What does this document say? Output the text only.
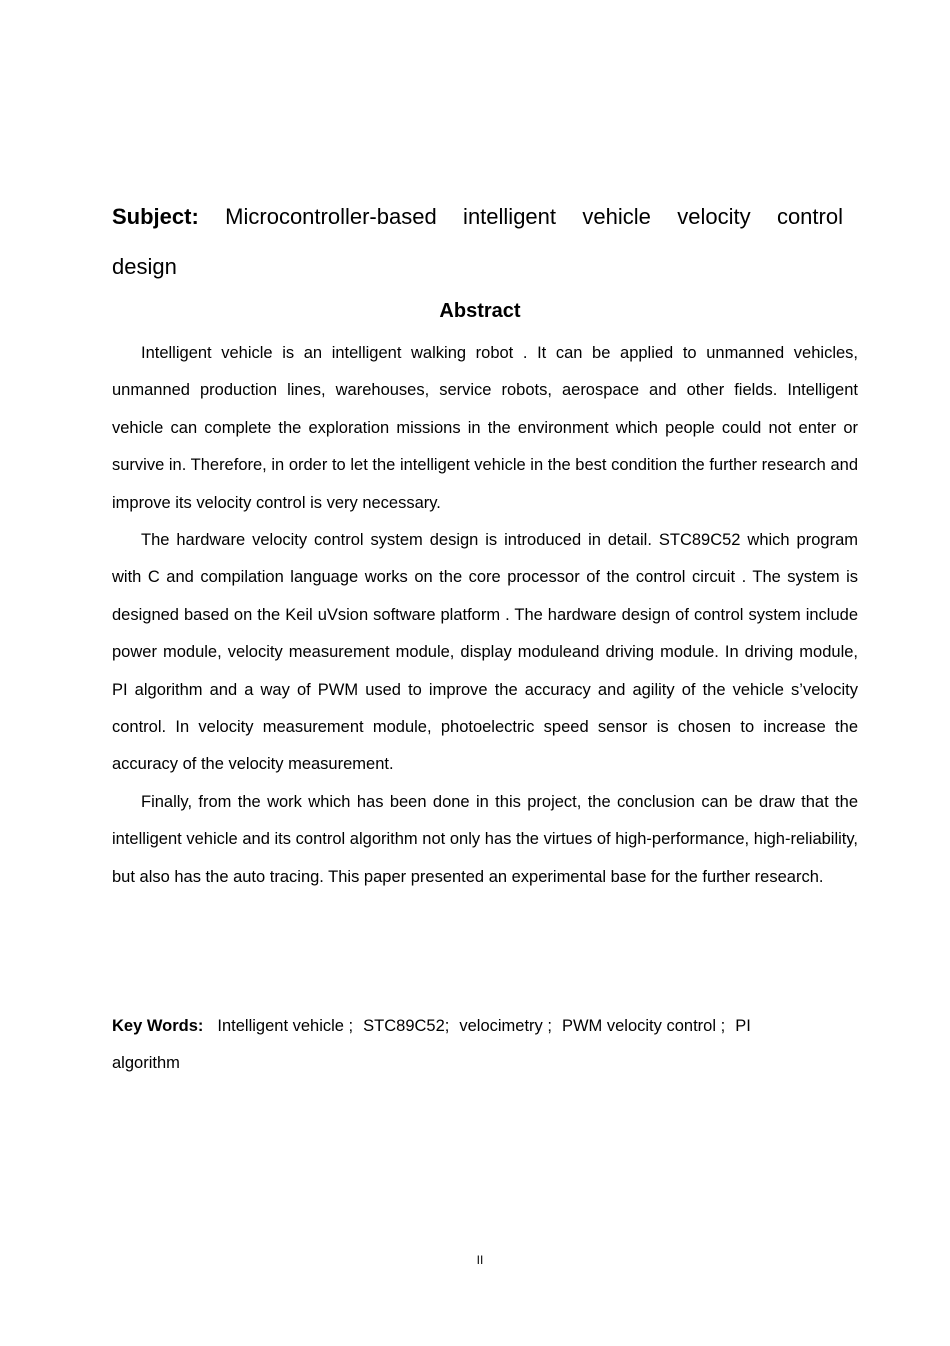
Subject: Microcontroller-based intelligent vehicle velocity control design
Abstract

Intelligent vehicle is an intelligent walking robot . It can be applied to unmanned vehicles, unmanned production lines, warehouses, service robots, aerospace and other fields. Intelligent vehicle can complete the exploration missions in the environment which people could not enter or survive in. Therefore, in order to let the intelligent vehicle in the best condition the further research and improve its velocity control is very necessary.

The hardware velocity control system design is introduced in detail. STC89C52 which program with C and compilation language works on the core processor of the control circuit . The system is designed based on the Keil uVsion software platform . The hardware design of control system include power module, velocity measurement module, display moduleand driving module. In driving module, PI algorithm and a way of PWM used to improve the accuracy and agility of the vehicle s’velocity control. In velocity measurement module, photoelectric speed sensor is chosen to increase the accuracy of the velocity measurement.

Finally, from the work which has been done in this project, the conclusion can be draw that the intelligent vehicle and its control algorithm not only has the virtues of high-performance, high-reliability, but also has the auto tracing. This paper presented an experimental base for the further research.

Key Words: Intelligent vehicle ; STC89C52; velocimetry ; PWM velocity control ; PI algorithm
II
